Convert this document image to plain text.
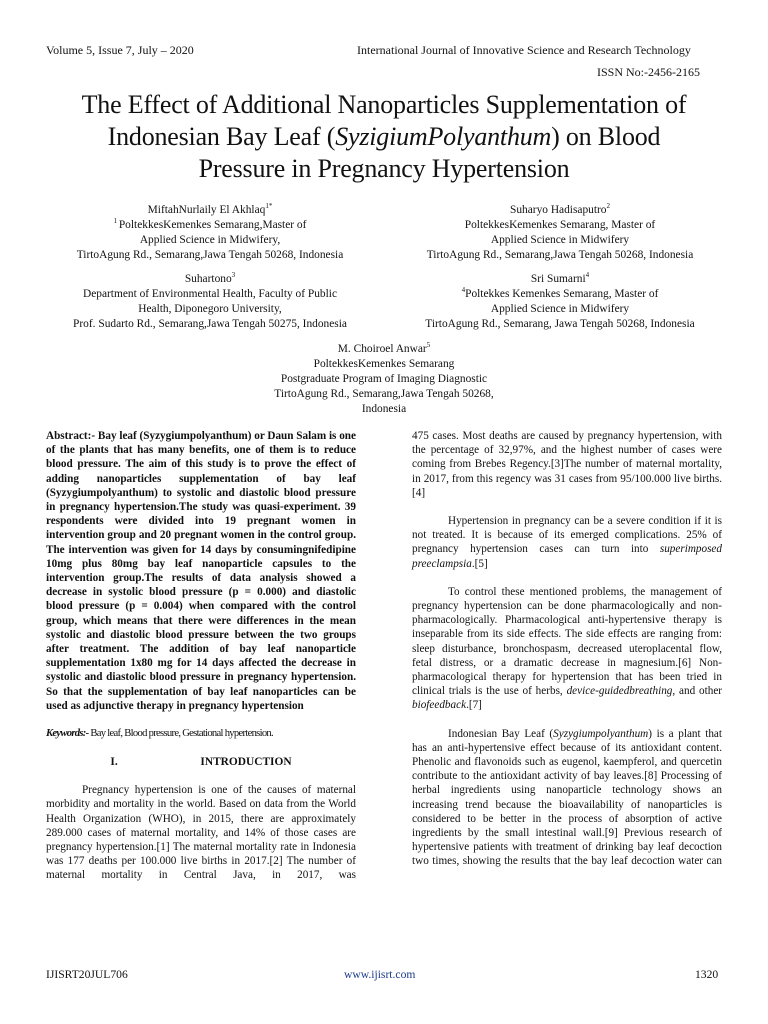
Volume 5, Issue 7, July – 2020	International Journal of Innovative Science and Research Technology
ISSN No:-2456-2165
The Effect of Additional Nanoparticles Supplementation of
Indonesian Bay Leaf (SyzigiumPolyanthum) on Blood
Pressure in Pregnancy Hypertension
MiftahNurlaily El Akhlaq$^{1*}$
$^1$ PoltekkesKemenkes Semarang,Master of
Applied Science in Midwifery,
TirtoAgung Rd., Semarang,Jawa Tengah 50268, Indonesia
Suharyo Hadisaputro$^2$
PoltekkesKemenkes Semarang, Master of
Applied Science in Midwifery
TirtoAgung Rd., Semarang,Jawa Tengah 50268, Indonesia
Suhartono$^3$
Department of Environmental Health, Faculty of Public
Health, Diponegoro University,
Prof. Sudarto Rd., Semarang,Jawa Tengah 50275, Indonesia
Sri Sumarni$^4$
$^4$Poltekkes Kemenkes Semarang, Master of
Applied Science in Midwifery
TirtoAgung Rd., Semarang, Jawa Tengah 50268, Indonesia
M. Choiroel Anwar$^5$
PoltekkesKemenkes Semarang
Postgraduate Program of Imaging Diagnostic
TirtoAgung Rd., Semarang,Jawa Tengah 50268,
Indonesia

Abstract:- Bay leaf (Syzygiumpolyanthum) or Daun Salam is one of the plants that has many benefits, one of them is to reduce blood pressure. The aim of this study is to prove the effect of adding nanoparticles supplementation of bay leaf (Syzygiumpolyanthum) to systolic and diastolic blood pressure in pregnancy hypertension.The study was quasi-experiment. 39 respondents were divided into 19 pregnant women in intervention group and 20 pregnant women in the control group. The intervention was given for 14 days by consumingnifedipine 10mg plus 80mg bay leaf nanoparticle capsules to the intervention group.The results of data analysis showed a decrease in systolic blood pressure (p = 0.000) and diastolic blood pressure (p = 0.004) when compared with the control group, which means that there were differences in the mean systolic and diastolic blood pressure between the two groups after treatment. The addition of bay leaf nanoparticle supplementation 1x80 mg for 14 days affected the decrease in systolic and diastolic blood pressure in pregnancy hypertension. So that the supplementation of bay leaf nanoparticles can be used as adjunctive therapy in pregnancy hypertension

Keywords:- Bay leaf, Blood pressure, Gestational hypertension.

I.	INTRODUCTION

Pregnancy hypertension is one of the causes of maternal morbidity and mortality in the world. Based on data from the World Health Organization (WHO), in 2015, there are approximately 289.000 cases of maternal mortality, and 14% of those cases are pregnancy hypertension.[1] The maternal mortality rate in Indonesia was 177 deaths per 100.000 live births in 2017.[2] The number of maternal mortality in Central Java, in 2017, was

475 cases. Most deaths are caused by pregnancy hypertension, with the percentage of 32,97%, and the highest number of cases were coming from Brebes Regency.[3]The number of maternal mortality, in 2017, from this regency was 31 cases from 95/100.000 live births.[4]

Hypertension in pregnancy can be a severe condition if it is not treated. It is because of its emerged complications. 25% of pregnancy hypertension cases can turn into superimposed preeclampsia.[5]

To control these mentioned problems, the management of pregnancy hypertension can be done pharmacologically and non-pharmacologically. Pharmacological anti-hypertensive therapy is inseparable from its side effects. The side effects are ranging from: sleep disturbance, bronchospasm, decreased uteroplacental flow, fetal distress, or a dramatic decrease in magnesium.[6] Non-pharmacological therapy for hypertension that has been tried in clinical trials is the use of herbs, device-guidedbreathing, and other biofeedback.[7]

Indonesian Bay Leaf (Syzygiumpolyanthum) is a plant that has an anti-hypertensive effect because of its antioxidant content. Phenolic and flavonoids such as eugenol, kaempferol, and quercetin contribute to the antioxidant activity of bay leaves.[8] Processing of herbal ingredients using nanoparticle technology shows an increasing trend because the bioavailability of nanoparticles is considered to be better in the process of absorption of active ingredients by the small intestinal wall.[9] Previous research of hypertensive patients with treatment of drinking bay leaf decoction two times, showing the results that the bay leaf decoction water can

IJISRT20JUL706	www.ijisrt.com	1320
